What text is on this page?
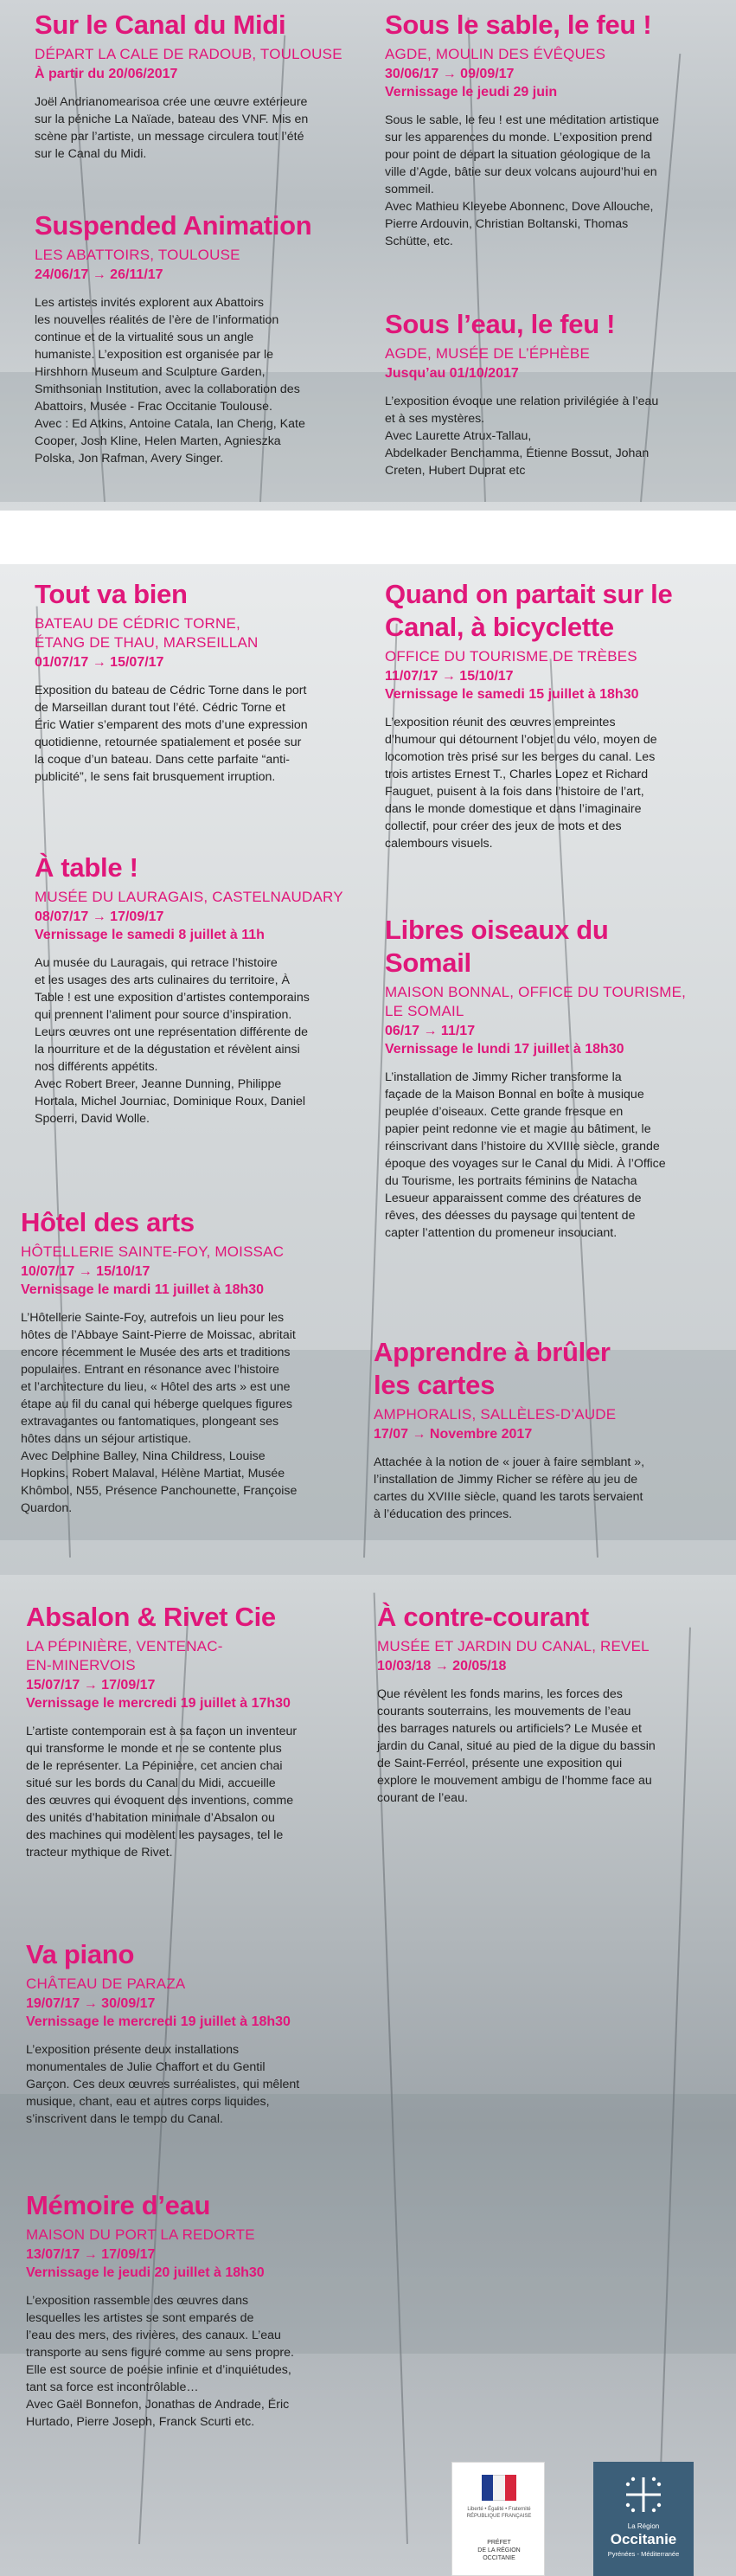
Sur le Canal du Midi
DÉPART LA CALE DE RADOUB, TOULOUSE
À partir du 20/06/2017
Joël Andrianomearisoa crée une œuvre extérieure
sur la péniche La Naïade, bateau des VNF. Mis en
scène par l’artiste, un message circulera tout l’été
sur le Canal du Midi.
Sous le sable, le feu !
AGDE, MOULIN DES ÉVÊQUES
30/06/17 → 09/09/17
Vernissage le jeudi 29 juin
Sous le sable, le feu ! est une méditation artistique
sur les apparences du monde. L’exposition prend
pour point de départ la situation géologique de la
ville d’Agde, bâtie sur deux volcans aujourd’hui en
sommeil.
Avec Mathieu Kleyebe Abonnenc, Dove Allouche,
Pierre Ardouvin, Christian Boltanski, Thomas
Schütte, etc.
Suspended Animation
LES ABATTOIRS, TOULOUSE
24/06/17 → 26/11/17
Les artistes invités explorent aux Abattoirs
les nouvelles réalités de l’ère de l’information
continue et de la virtualité sous un angle
humaniste. L’exposition est organisée par le
Hirshhorn Museum and Sculpture Garden,
Smithsonian Institution, avec la collaboration des
Abattoirs, Musée - Frac Occitanie Toulouse.
Avec : Ed Atkins, Antoine Catala, Ian Cheng, Kate
Cooper, Josh Kline, Helen Marten, Agnieszka
Polska, Jon Rafman, Avery Singer.
Sous l’eau, le feu !
AGDE, MUSÉE DE L’ÉPHÈBE
Jusqu’au 01/10/2017
L’exposition évoque une relation privilégiée à l’eau
et à ses mystères.
Avec Laurette Atrux-Tallau,
Abdelkader Benchamma, Étienne Bossut, Johan
Creten, Hubert Duprat etc
Tout va bien
BATEAU DE CÉDRIC TORNE,
ÉTANG DE THAU, MARSEILLAN
01/07/17 → 15/07/17
Exposition du bateau de Cédric Torne dans le port
de Marseillan durant tout l’été. Cédric Torne et
Éric Watier s’emparent des mots d’une expression
quotidienne, retournée spatialement et posée sur
la coque d’un bateau. Dans cette parfaite “anti-
publicité”, le sens fait brusquement irruption.
Quand on partait sur le
Canal, à bicyclette
OFFICE DU TOURISME DE TRÈBES
11/07/17 → 15/10/17
Vernissage le samedi 15 juillet à 18h30
L’exposition réunit des œuvres empreintes
d’humour qui détournent l’objet du vélo, moyen de
locomotion très prisé sur les berges du canal. Les
trois artistes Ernest T., Charles Lopez et Richard
Fauguet, puisent à la fois dans l’histoire de l’art,
dans le monde domestique et dans l’imaginaire
collectif, pour créer des jeux de mots et des
calembours visuels.
À table !
MUSÉE DU LAURAGAIS, CASTELNAUDARY
08/07/17 → 17/09/17
Vernissage le samedi 8 juillet à 11h
Au musée du Lauragais, qui retrace l’histoire
et les usages des arts culinaires du territoire, À
Table ! est une exposition d’artistes contemporains
qui prennent l’aliment pour source d’inspiration.
Leurs œuvres ont une représentation différente de
la nourriture et de la dégustation et révèlent ainsi
nos différents appétits.
Avec Robert Breer, Jeanne Dunning, Philippe
Hortala, Michel Journiac, Dominique Roux, Daniel
Spoerri, David Wolle.
Libres oiseaux du
Somail
MAISON BONNAL, OFFICE DU TOURISME,
LE SOMAIL
06/17 → 11/17
Vernissage le lundi 17 juillet à 18h30
L’installation de Jimmy Richer transforme la
façade de la Maison Bonnal en boîte à musique
peuplée d’oiseaux. Cette grande fresque en
papier peint redonne vie et magie au bâtiment, le
réinscrivant dans l’histoire du XVIIIe siècle, grande
époque des voyages sur le Canal du Midi. À l’Office
du Tourisme, les portraits féminins de Natacha
Lesueur apparaissent comme des créatures de
rêves, des déesses du paysage qui tentent de
capter l’attention du promeneur insouciant.
Hôtel des arts
HÔTELLERIE SAINTE-FOY, MOISSAC
10/07/17 → 15/10/17
Vernissage le mardi 11 juillet à 18h30
L’Hôtellerie Sainte-Foy, autrefois un lieu pour les
hôtes de l’Abbaye Saint-Pierre de Moissac, abritait
encore récemment le Musée des arts et traditions
populaires. Entrant en résonance avec l’histoire
et l’architecture du lieu, « Hôtel des arts » est une
étape au fil du canal qui héberge quelques figures
extravagantes ou fantomatiques, plongeant ses
hôtes dans un séjour artistique.
Avec Delphine Balley, Nina Childress, Louise
Hopkins, Robert Malaval, Hélène Martiat, Musée
Khômbol, N55, Présence Panchounette, Françoise
Quardon.
Apprendre à brûler
les cartes
AMPHORALIS, SALLÈLES-D’AUDE
17/07 → Novembre 2017
Attachée à la notion de « jouer à faire semblant »,
l’installation de Jimmy Richer se réfère au jeu de
cartes du XVIIIe siècle, quand les tarots servaient
à l’éducation des princes.
Absalon & Rivet Cie
LA PÉPINIÈRE, VENTENAC-
EN-MINERVOIS
15/07/17 → 17/09/17
Vernissage le mercredi 19 juillet à 17h30
L’artiste contemporain est à sa façon un inventeur
qui transforme le monde et ne se contente plus
de le représenter. La Pépinière, cet ancien chai
situé sur les bords du Canal du Midi, accueille
des œuvres qui évoquent des inventions, comme
des unités d’habitation minimale d’Absalon ou
des machines qui modèlent les paysages, tel le
tracteur mythique de Rivet.
À contre-courant
MUSÉE ET JARDIN DU CANAL, REVEL
10/03/18 → 20/05/18
Que révèlent les fonds marins, les forces des
courants souterrains, les mouvements de l’eau
des barrages naturels ou artificiels? Le Musée et
jardin du Canal, situé au pied de la digue du bassin
de Saint-Ferréol, présente une exposition qui
explore le mouvement ambigu de l’homme face au
courant de l’eau.
Va piano
CHÂTEAU DE PARAZA
19/07/17 → 30/09/17
Vernissage le mercredi 19 juillet à 18h30
L’exposition présente deux installations
monumentales de Julie Chaffort et du Gentil
Garçon. Ces deux œuvres surréalistes, qui mêlent
musique, chant, eau et autres corps liquides,
s’inscrivent dans le tempo du Canal.
Mémoire d’eau
MAISON DU PORT LA REDORTE
13/07/17 → 17/09/17
Vernissage le jeudi 20 juillet à 18h30
L’exposition rassemble des œuvres dans
lesquelles les artistes se sont emparés de
l’eau des mers, des rivières, des canaux. L’eau
transporte au sens figuré comme au sens propre.
Elle est source de poésie infinie et d’inquiétudes,
tant sa force est incontrôlable…
Avec Gaël Bonnefon, Jonathas de Andrade, Éric
Hurtado, Pierre Joseph, Franck Scurti etc.
Liberté • Égalité • Fraternité
RÉPUBLIQUE FRANÇAISE
PRÉFET
DE LA RÉGION
OCCITANIE
La Région
Occitanie
Pyrénées - Méditerranée
